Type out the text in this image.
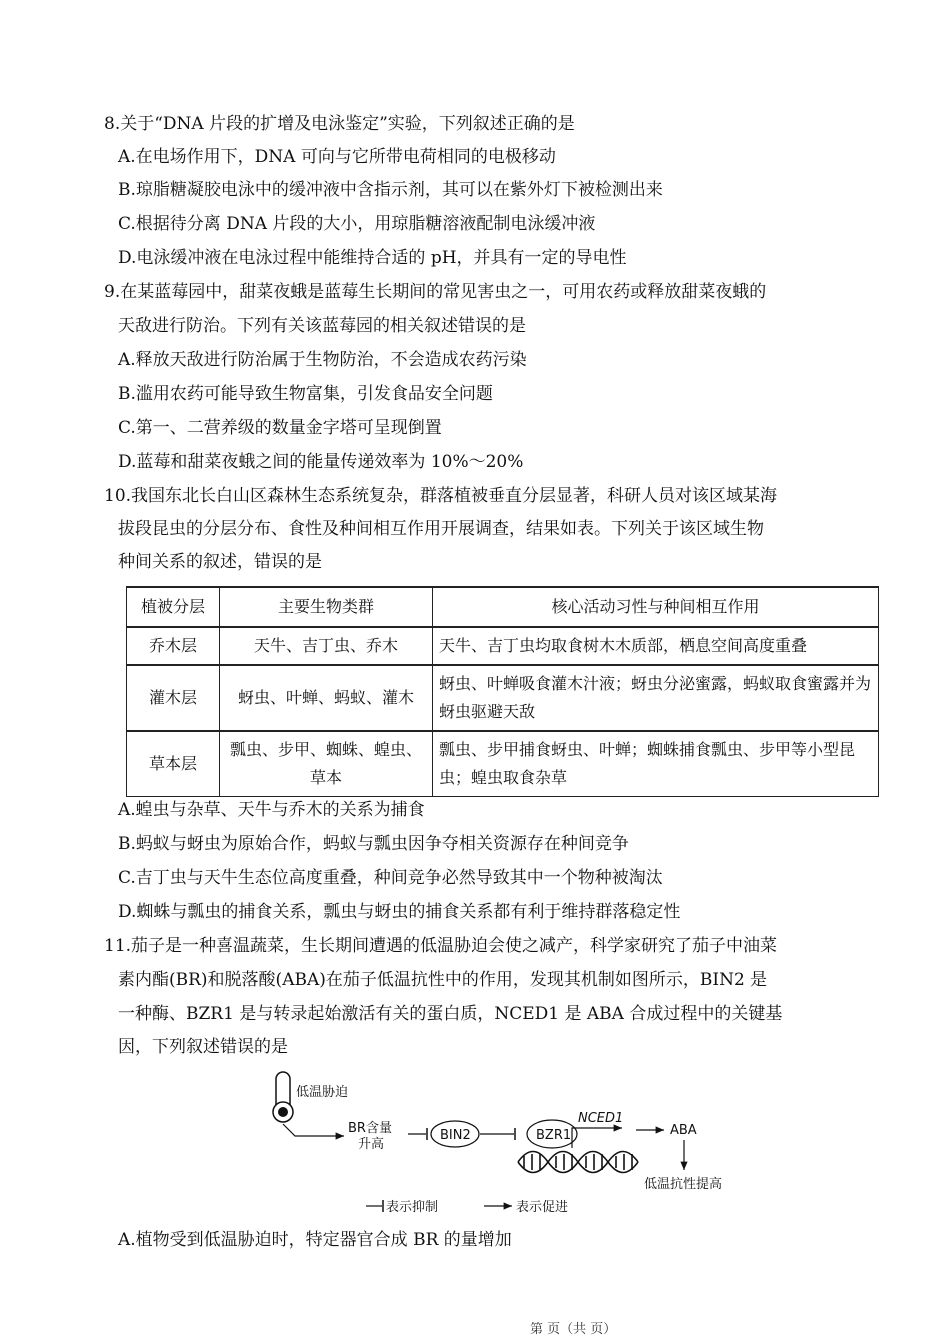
8.关于“DNA 片段的扩增及电泳鉴定”实验，下列叙述正确的是
A.在电场作用下，DNA 可向与它所带电荷相同的电极移动
B.琼脂糖凝胶电泳中的缓冲液中含指示剂，其可以在紫外灯下被检测出来
C.根据待分离 DNA 片段的大小，用琼脂糖溶液配制电泳缓冲液
D.电泳缓冲液在电泳过程中能维持合适的 pH，并具有一定的导电性
9.在某蓝莓园中，甜菜夜蛾是蓝莓生长期间的常见害虫之一，可用农药或释放甜菜夜蛾的
天敌进行防治。下列有关该蓝莓园的相关叙述错误的是
A.释放天敌进行防治属于生物防治，不会造成农药污染
B.滥用农药可能导致生物富集，引发食品安全问题
C.第一、二营养级的数量金字塔可呈现倒置
D.蓝莓和甜菜夜蛾之间的能量传递效率为 10%～20%
10.我国东北长白山区森林生态系统复杂，群落植被垂直分层显著，科研人员对该区域某海
拔段昆虫的分层分布、食性及种间相互作用开展调查，结果如表。下列关于该区域生物
种间关系的叙述，错误的是
植被分层	主要生物类群	核心活动习性与种间相互作用
乔木层	天牛、吉丁虫、乔木	天牛、吉丁虫均取食树木木质部，栖息空间高度重叠
灌木层	蚜虫、叶蝉、蚂蚁、灌木	蚜虫、叶蝉吸食灌木汁液；蚜虫分泌蜜露，蚂蚁取食蜜露并为蚜虫驱避天敌
草本层	瓢虫、步甲、蜘蛛、蝗虫、草本	瓢虫、步甲捕食蚜虫、叶蝉；蜘蛛捕食瓢虫、步甲等小型昆虫；蝗虫取食杂草
A.蝗虫与杂草、天牛与乔木的关系为捕食
B.蚂蚁与蚜虫为原始合作，蚂蚁与瓢虫因争夺相关资源存在种间竞争
C.吉丁虫与天牛生态位高度重叠，种间竞争必然导致其中一个物种被淘汰
D.蜘蛛与瓢虫的捕食关系，瓢虫与蚜虫的捕食关系都有利于维持群落稳定性
11.茄子是一种喜温蔬菜，生长期间遭遇的低温胁迫会使之减产，科学家研究了茄子中油菜
素内酯(BR)和脱落酸(ABA)在茄子低温抗性中的作用，发现其机制如图所示，BIN2 是
一种酶、BZR1 是与转录起始激活有关的蛋白质，NCED1 是 ABA 合成过程中的关键基
因，下列叙述错误的是
低温胁迫
BR含量
升高
BIN2	BZR1
NCED1
ABA
低温抗性提高
表示抑制	表示促进
A.植物受到低温胁迫时，特定器官合成 BR 的量增加
第 页（共 页）
